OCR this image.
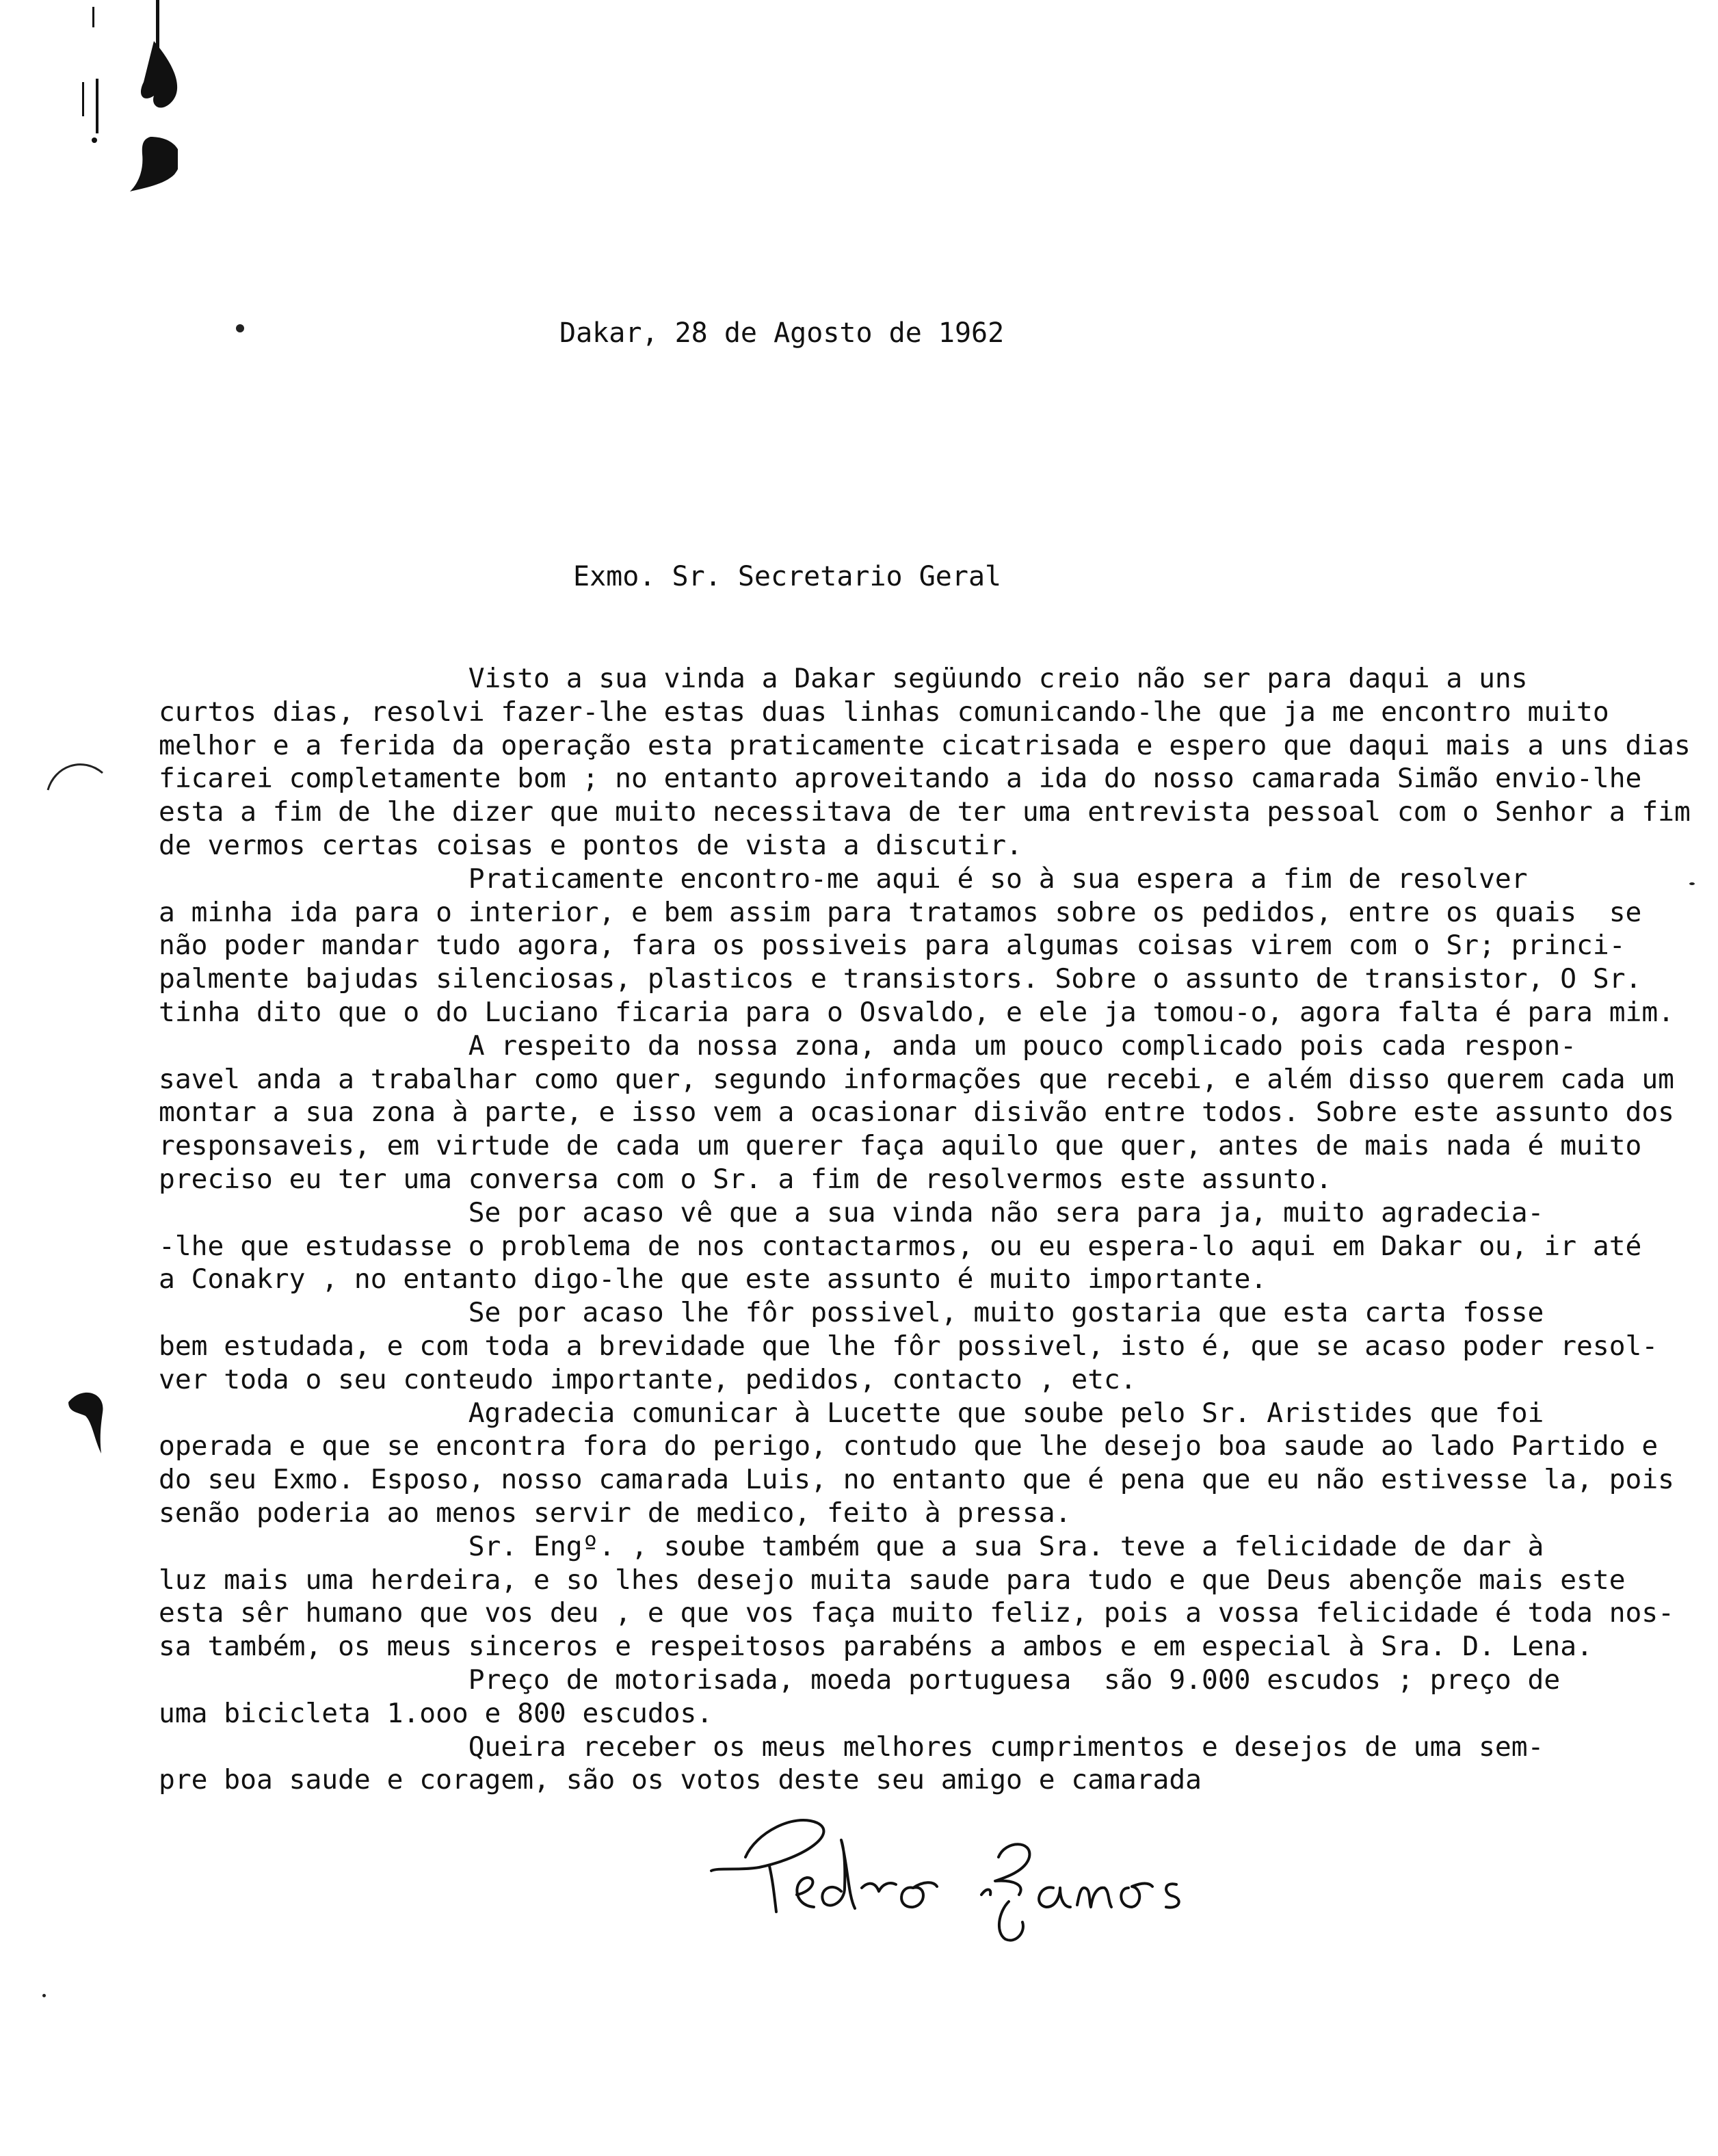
Dakar, 28 de Agosto de 1962
Exmo. Sr. Secretario Geral
Visto a sua vinda a Dakar següundo creio não ser para daqui a uns
curtos dias, resolvi fazer-lhe estas duas linhas comunicando-lhe que ja me encontro muito
melhor e a ferida da operação esta praticamente cicatrisada e espero que daqui mais a uns dias
ficarei completamente bom ; no entanto aproveitando a ida do nosso camarada Simão envio-lhe
esta a fim de lhe dizer que muito necessitava de ter uma entrevista pessoal com o Senhor a fim
de vermos certas coisas e pontos de vista a discutir.
Praticamente encontro-me aqui é so à sua espera a fim de resolver
a minha ida para o interior, e bem assim para tratamos sobre os pedidos, entre os quais  se
não poder mandar tudo agora, fara os possiveis para algumas coisas virem com o Sr; princi-
palmente bajudas silenciosas, plasticos e transistors. Sobre o assunto de transistor, O Sr.
tinha dito que o do Luciano ficaria para o Osvaldo, e ele ja tomou-o, agora falta é para mim.
A respeito da nossa zona, anda um pouco complicado pois cada respon-
savel anda a trabalhar como quer, segundo informações que recebi, e além disso querem cada um
montar a sua zona à parte, e isso vem a ocasionar disivão entre todos. Sobre este assunto dos
responsaveis, em virtude de cada um querer faça aquilo que quer, antes de mais nada é muito
preciso eu ter uma conversa com o Sr. a fim de resolvermos este assunto.
Se por acaso vê que a sua vinda não sera para ja, muito agradecia-
-lhe que estudasse o problema de nos contactarmos, ou eu espera-lo aqui em Dakar ou, ir até
a Conakry , no entanto digo-lhe que este assunto é muito importante.
Se por acaso lhe fôr possivel, muito gostaria que esta carta fosse
bem estudada, e com toda a brevidade que lhe fôr possivel, isto é, que se acaso poder resol-
ver toda o seu conteudo importante, pedidos, contacto , etc.
Agradecia comunicar à Lucette que soube pelo Sr. Aristides que foi
operada e que se encontra fora do perigo, contudo que lhe desejo boa saude ao lado Partido e
do seu Exmo. Esposo, nosso camarada Luis, no entanto que é pena que eu não estivesse la, pois
senão poderia ao menos servir de medico, feito à pressa.
Sr. Engº. , soube também que a sua Sra. teve a felicidade de dar à
luz mais uma herdeira, e so lhes desejo muita saude para tudo e que Deus abençõe mais este
esta sêr humano que vos deu , e que vos faça muito feliz, pois a vossa felicidade é toda nos-
sa também, os meus sinceros e respeitosos parabéns a ambos e em especial à Sra. D. Lena.
Preço de motorisada, moeda portuguesa  são 9.000 escudos ; preço de
uma bicicleta 1.ooo e 800 escudos.
Queira receber os meus melhores cumprimentos e desejos de uma sem-
pre boa saude e coragem, são os votos deste seu amigo e camarada
